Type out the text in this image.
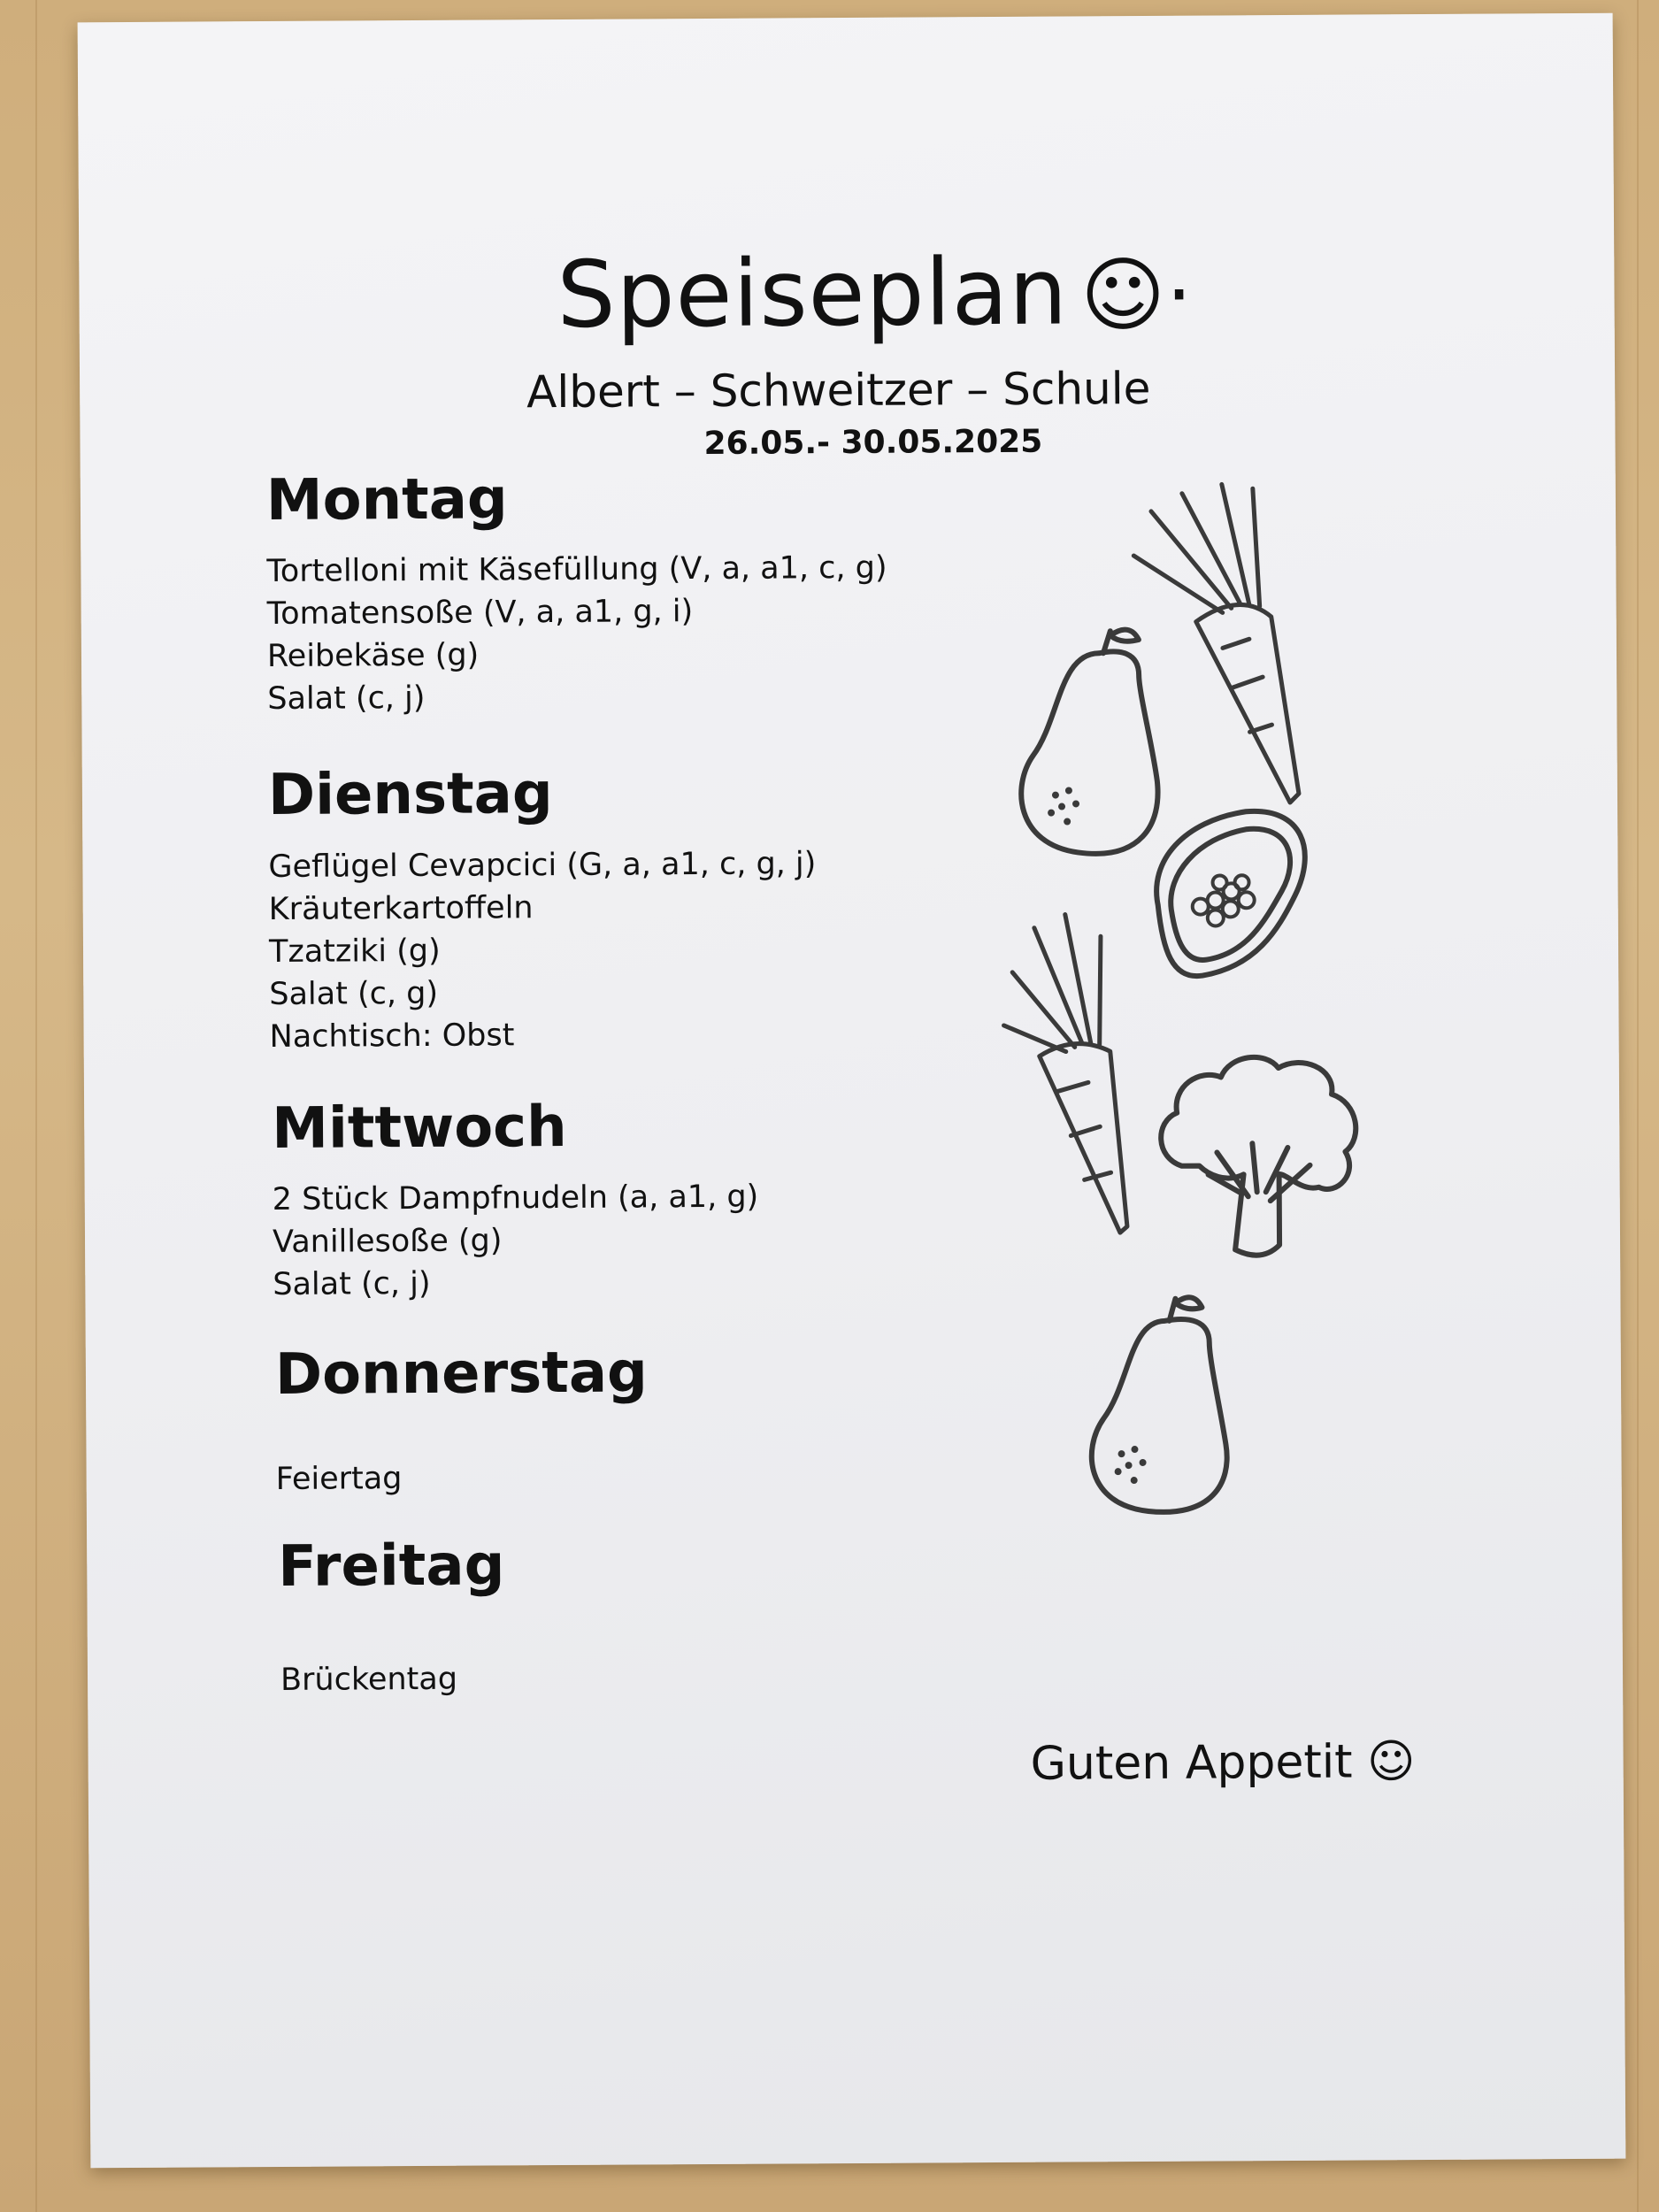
Speiseplan ☺·
Albert – Schweitzer – Schule
26.05.- 30.05.2025
Montag
Tortelloni mit Käsefüllung (V, a, a1, c, g)
Tomatensoße (V, a, a1, g, i)
Reibekäse (g)
Salat (c, j)
Dienstag
Geflügel Cevapcici (G, a, a1, c, g, j)
Kräuterkartoffeln
Tzatziki (g)
Salat (c, g)
Nachtisch: Obst
Mittwoch
2 Stück Dampfnudeln (a, a1, g)
Vanillesoße (g)
Salat (c, j)
Donnerstag
Feiertag
Freitag
Brückentag
Guten Appetit ☺
